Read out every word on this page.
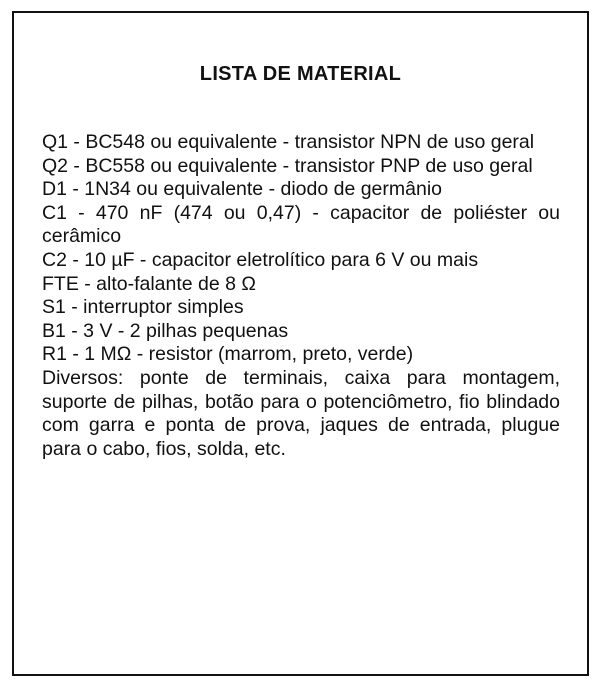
LISTA DE MATERIAL
Q1 - BC548 ou equivalente - transistor NPN de uso geral
Q2 - BC558 ou equivalente - transistor PNP de uso geral
D1 - 1N34 ou equivalente - diodo de germânio
C1 - 470 nF (474 ou 0,47) - capacitor de poliéster ou cerâmico
C2 - 10 µF - capacitor eletrolítico para 6 V ou mais
FTE - alto-falante de 8 Ω
S1 - interruptor simples
B1 - 3 V - 2 pilhas pequenas
R1 - 1 MΩ - resistor (marrom, preto, verde)
Diversos: ponte de terminais, caixa para montagem, suporte de pilhas, botão para o potenciômetro, fio blindado com garra e ponta de prova, jaques de entrada, plugue para o cabo, fios, solda, etc.
